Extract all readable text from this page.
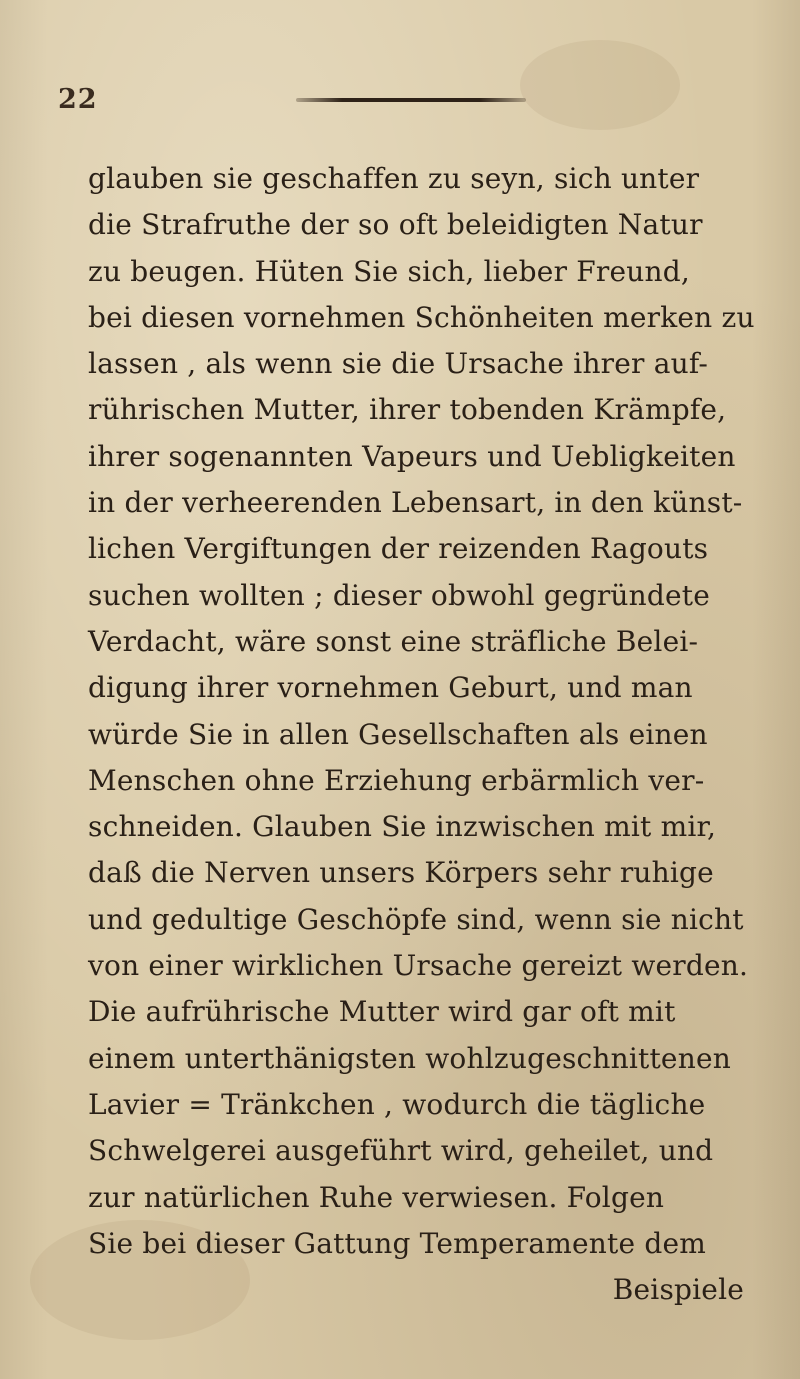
22
glauben sie geschaffen zu seyn, sich unter
die Strafruthe der so oft beleidigten Natur
zu beugen. Hüten Sie sich, lieber Freund,
bei diesen vornehmen Schönheiten merken zu
lassen , als wenn sie die Ursache ihrer auf-
rührischen Mutter, ihrer tobenden Krämpfe,
ihrer sogenannten Vapeurs und Uebligkeiten
in der verheerenden Lebensart, in den künst-
lichen Vergiftungen der reizenden Ragouts
suchen wollten ; dieser obwohl gegründete
Verdacht, wäre sonst eine sträfliche Belei-
digung ihrer vornehmen Geburt, und man
würde Sie in allen Gesellschaften als einen
Menschen ohne Erziehung erbärmlich ver-
schneiden. Glauben Sie inzwischen mit mir,
daß die Nerven unsers Körpers sehr ruhige
und gedultige Geschöpfe sind, wenn sie nicht
von einer wirklichen Ursache gereizt werden.
Die aufrührische Mutter wird gar oft mit
einem unterthänigsten wohlzugeschnittenen
Lavier = Tränkchen , wodurch die tägliche
Schwelgerei ausgeführt wird, geheilet, und
zur natürlichen Ruhe verwiesen. Folgen
Sie bei dieser Gattung Temperamente dem
Beispiele
